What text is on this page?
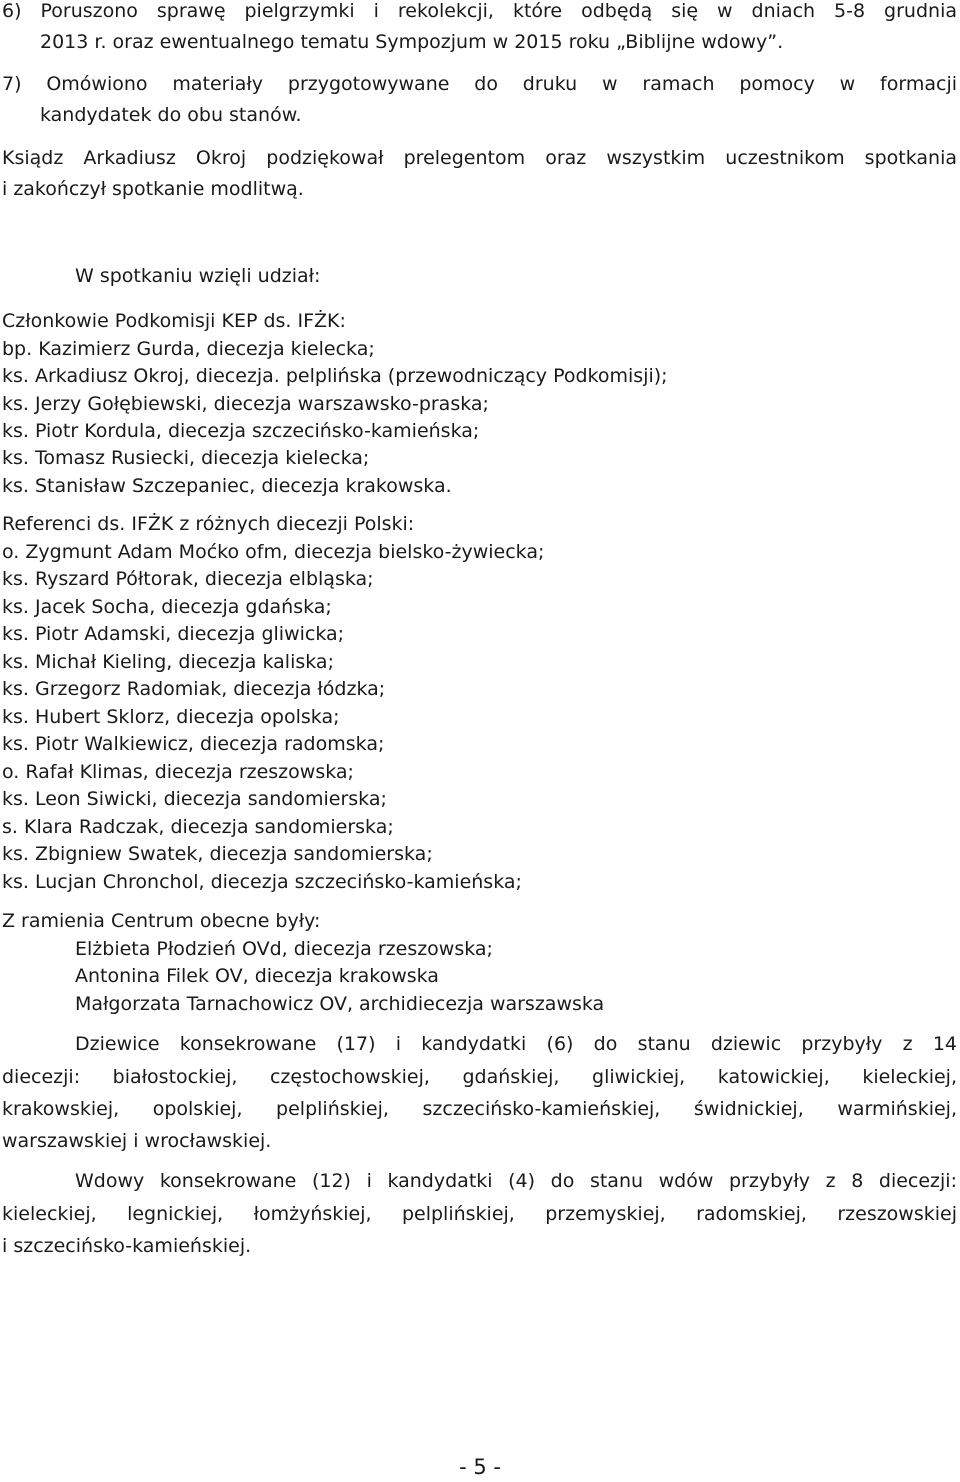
6) Poruszono sprawę pielgrzymki i rekolekcji, które odbędą się w dniach 5-8 grudnia
2013 r. oraz ewentualnego tematu Sympozjum w 2015 roku „Biblijne wdowy”.
7) Omówiono materiały przygotowywane do druku w ramach pomocy w formacji
kandydatek do obu stanów.
Ksiądz Arkadiusz Okroj podziękował prelegentom oraz wszystkim uczestnikom spotkania
i zakończył spotkanie modlitwą.
W spotkaniu wzięli udział:
Członkowie Podkomisji KEP ds. IFŻK:
bp. Kazimierz Gurda, diecezja kielecka;
ks. Arkadiusz Okroj, diecezja. pelplińska (przewodniczący Podkomisji);
ks. Jerzy Gołębiewski, diecezja warszawsko-praska;
ks. Piotr Kordula, diecezja szczecińsko-kamieńska;
ks. Tomasz Rusiecki, diecezja kielecka;
ks. Stanisław Szczepaniec, diecezja krakowska.
Referenci ds. IFŻK z różnych diecezji Polski:
o. Zygmunt Adam Moćko ofm, diecezja bielsko-żywiecka;
ks. Ryszard Półtorak, diecezja elbląska;
ks. Jacek Socha, diecezja gdańska;
ks. Piotr Adamski, diecezja gliwicka;
ks. Michał Kieling, diecezja kaliska;
ks. Grzegorz Radomiak, diecezja łódzka;
ks. Hubert Sklorz, diecezja opolska;
ks. Piotr Walkiewicz, diecezja radomska;
o. Rafał Klimas, diecezja rzeszowska;
ks. Leon Siwicki, diecezja sandomierska;
s. Klara Radczak, diecezja sandomierska;
ks. Zbigniew Swatek, diecezja sandomierska;
ks. Lucjan Chronchol, diecezja szczecińsko-kamieńska;
Z ramienia Centrum obecne były:
Elżbieta Płodzień OVd, diecezja rzeszowska;
Antonina Filek OV, diecezja krakowska
Małgorzata Tarnachowicz OV, archidiecezja warszawska
Dziewice konsekrowane (17) i kandydatki (6) do stanu dziewic przybyły z 14
diecezji: białostockiej, częstochowskiej, gdańskiej, gliwickiej, katowickiej, kieleckiej,
krakowskiej, opolskiej, pelplińskiej, szczecińsko-kamieńskiej, świdnickiej, warmińskiej,
warszawskiej i wrocławskiej.
Wdowy konsekrowane (12) i kandydatki (4) do stanu wdów przybyły z 8 diecezji:
kieleckiej, legnickiej, łomżyńskiej, pelplińskiej, przemyskiej, radomskiej, rzeszowskiej
i szczecińsko-kamieńskiej.
- 5 -
